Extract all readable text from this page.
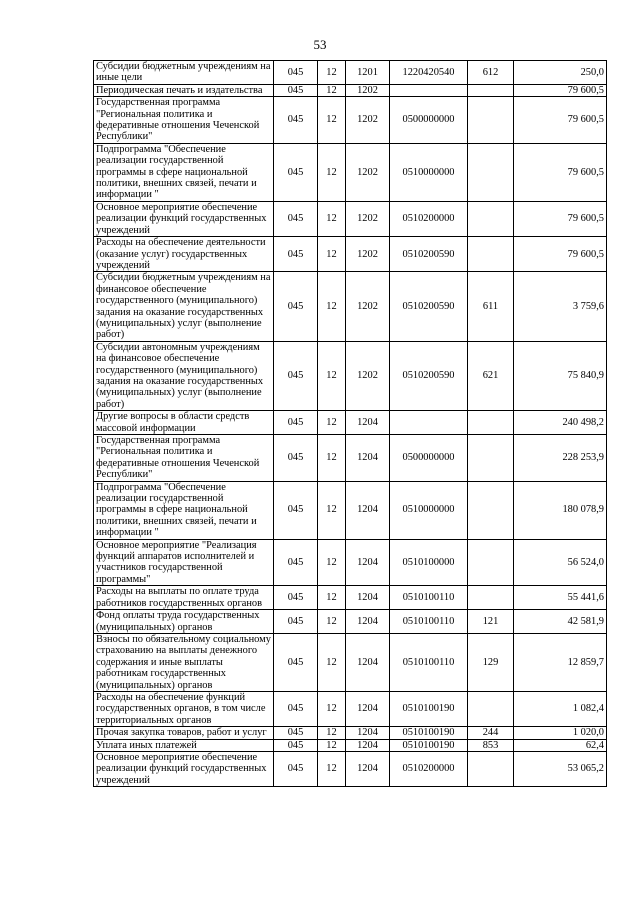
53
Субсидии бюджетным учреждениям на иные цели	045	12	1201	1220420540	612	250,0
Периодическая печать и издательства	045	12	1202			79 600,5
Государственная программа "Региональная политика и федеративные отношения Чеченской Республики"	045	12	1202	0500000000		79 600,5
Подпрограмма "Обеспечение реализации государственной программы в сфере национальной политики, внешних связей, печати и информации "	045	12	1202	0510000000		79 600,5
Основное мероприятие обеспечение реализации функций государственных учреждений	045	12	1202	0510200000		79 600,5
Расходы на обеспечение деятельности (оказание услуг) государственных учреждений	045	12	1202	0510200590		79 600,5
Субсидии бюджетным учреждениям на финансовое обеспечение государственного (муниципального) задания на оказание государственных (муниципальных) услуг (выполнение работ)	045	12	1202	0510200590	611	3 759,6
Субсидии автономным учреждениям на финансовое обеспечение государственного (муниципального) задания на оказание государственных (муниципальных) услуг (выполнение работ)	045	12	1202	0510200590	621	75 840,9
Другие вопросы в области средств массовой информации	045	12	1204			240 498,2
Государственная программа "Региональная политика и федеративные отношения Чеченской Республики"	045	12	1204	0500000000		228 253,9
Подпрограмма "Обеспечение реализации государственной программы в сфере национальной политики, внешних связей, печати и информации "	045	12	1204	0510000000		180 078,9
Основное мероприятие "Реализация функций аппаратов исполнителей и участников государственной программы"	045	12	1204	0510100000		56 524,0
Расходы на выплаты по оплате труда работников государственных органов	045	12	1204	0510100110		55 441,6
Фонд оплаты труда государственных (муниципальных) органов	045	12	1204	0510100110	121	42 581,9
Взносы по обязательному социальному страхованию на выплаты денежного содержания и иные выплаты работникам государственных (муниципальных) органов	045	12	1204	0510100110	129	12 859,7
Расходы на обеспечение функций государственных органов, в том числе территориальных органов	045	12	1204	0510100190		1 082,4
Прочая закупка товаров, работ и услуг	045	12	1204	0510100190	244	1 020,0
Уплата иных платежей	045	12	1204	0510100190	853	62,4
Основное мероприятие обеспечение реализации функций государственных учреждений	045	12	1204	0510200000		53 065,2
